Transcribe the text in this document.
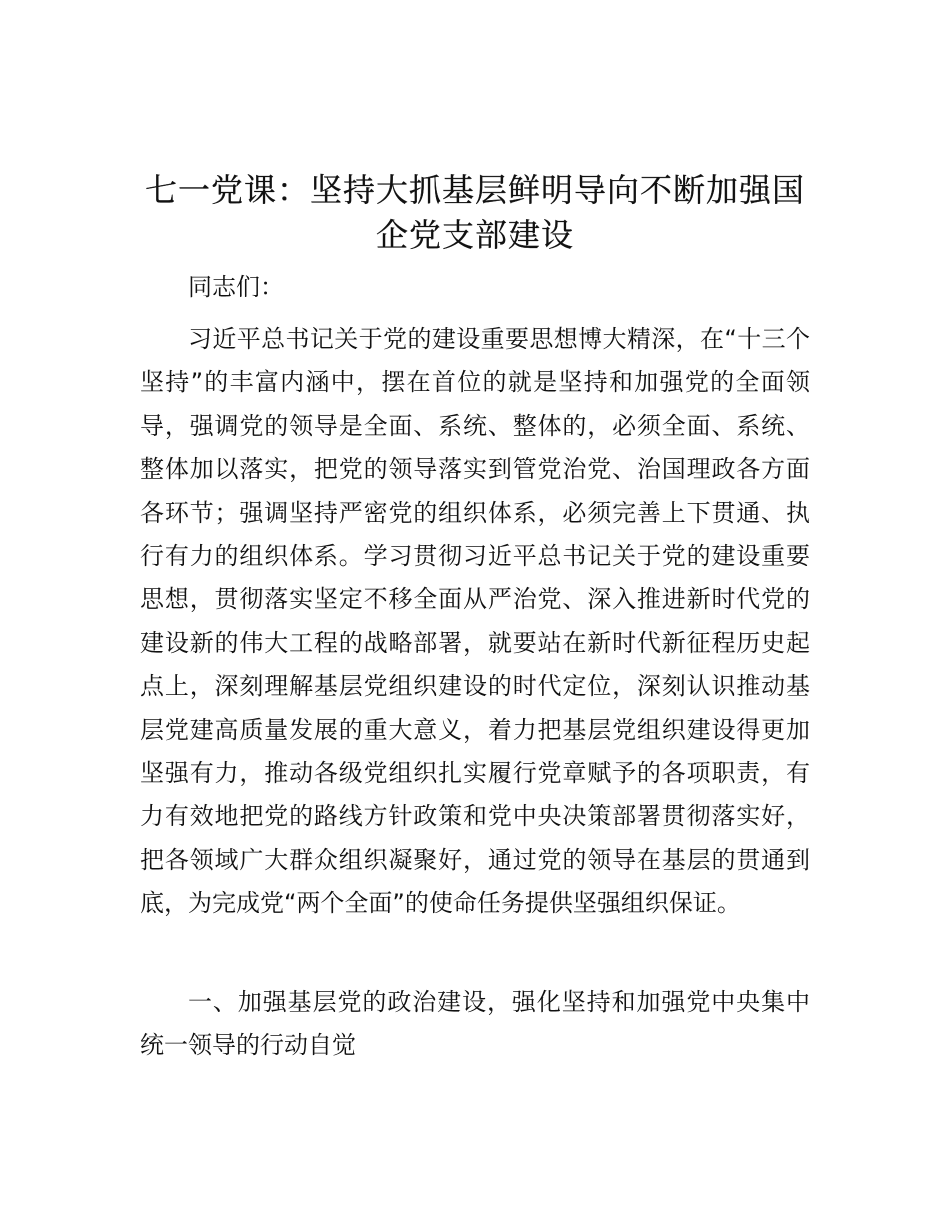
七一党课：坚持大抓基层鲜明导向不断加强国企党支部建设

同志们：

习近平总书记关于党的建设重要思想博大精深，在“十三个坚持”的丰富内涵中，摆在首位的就是坚持和加强党的全面领导，强调党的领导是全面、系统、整体的，必须全面、系统、整体加以落实，把党的领导落实到管党治党、治国理政各方面各环节；强调坚持严密党的组织体系，必须完善上下贯通、执行有力的组织体系。学习贯彻习近平总书记关于党的建设重要思想，贯彻落实坚定不移全面从严治党、深入推进新时代党的建设新的伟大工程的战略部署，就要站在新时代新征程历史起点上，深刻理解基层党组织建设的时代定位，深刻认识推动基层党建高质量发展的重大意义，着力把基层党组织建设得更加坚强有力，推动各级党组织扎实履行党章赋予的各项职责，有力有效地把党的路线方针政策和党中央决策部署贯彻落实好，把各领域广大群众组织凝聚好，通过党的领导在基层的贯通到底，为完成党“两个全面”的使命任务提供坚强组织保证。

一、加强基层党的政治建设，强化坚持和加强党中央集中统一领导的行动自觉
